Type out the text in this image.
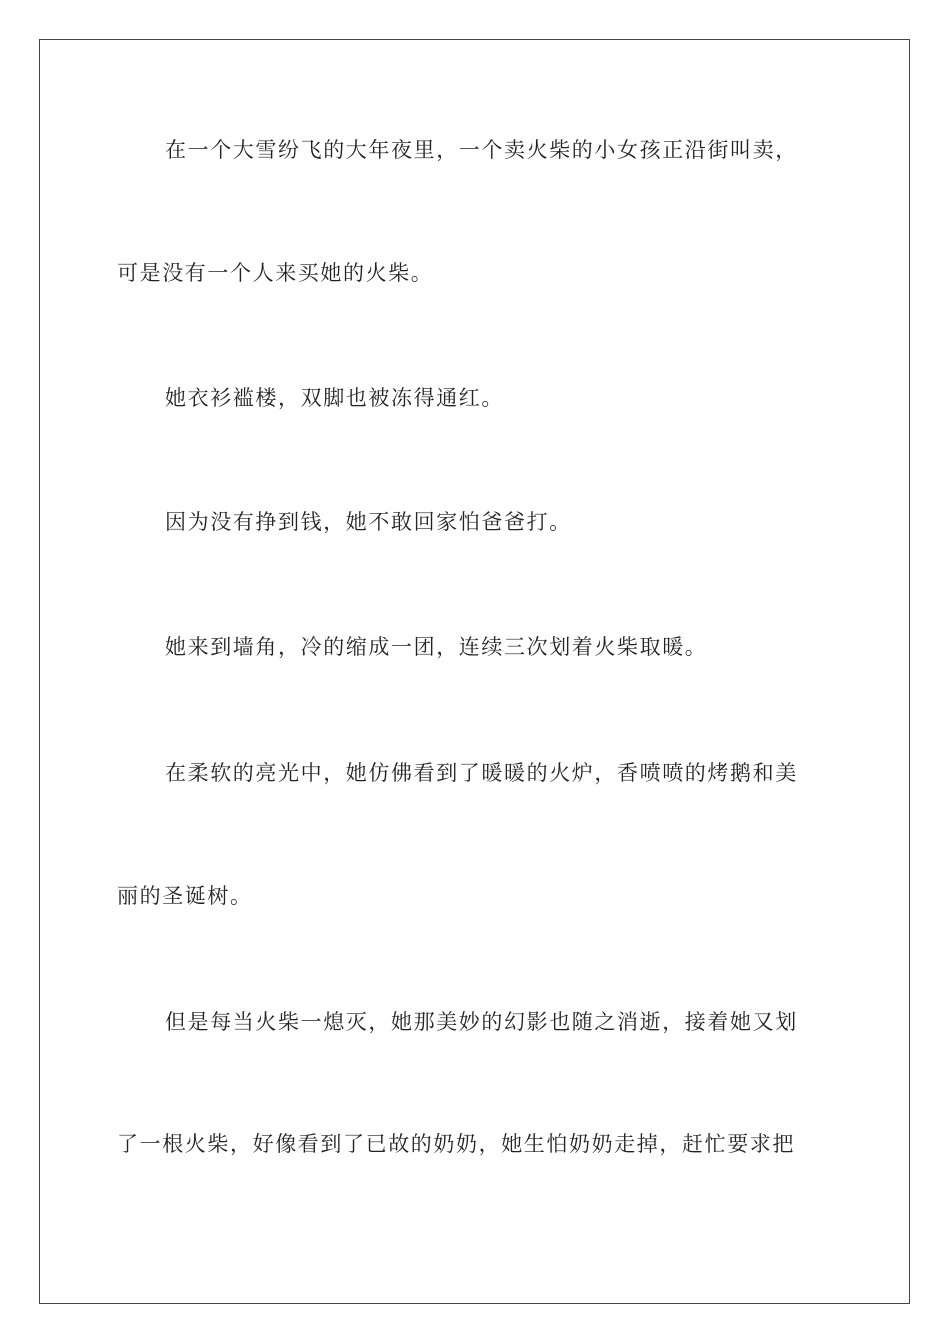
在一个大雪纷飞的大年夜里，一个卖火柴的小女孩正沿街叫卖，
可是没有一个人来买她的火柴。
她衣衫褴楼，双脚也被冻得通红。
因为没有挣到钱，她不敢回家怕爸爸打。
她来到墙角，冷的缩成一团，连续三次划着火柴取暖。
在柔软的亮光中，她仿佛看到了暖暖的火炉，香喷喷的烤鹅和美
丽的圣诞树。
但是每当火柴一熄灭，她那美妙的幻影也随之消逝，接着她又划
了一根火柴，好像看到了已故的奶奶，她生怕奶奶走掉，赶忙要求把
